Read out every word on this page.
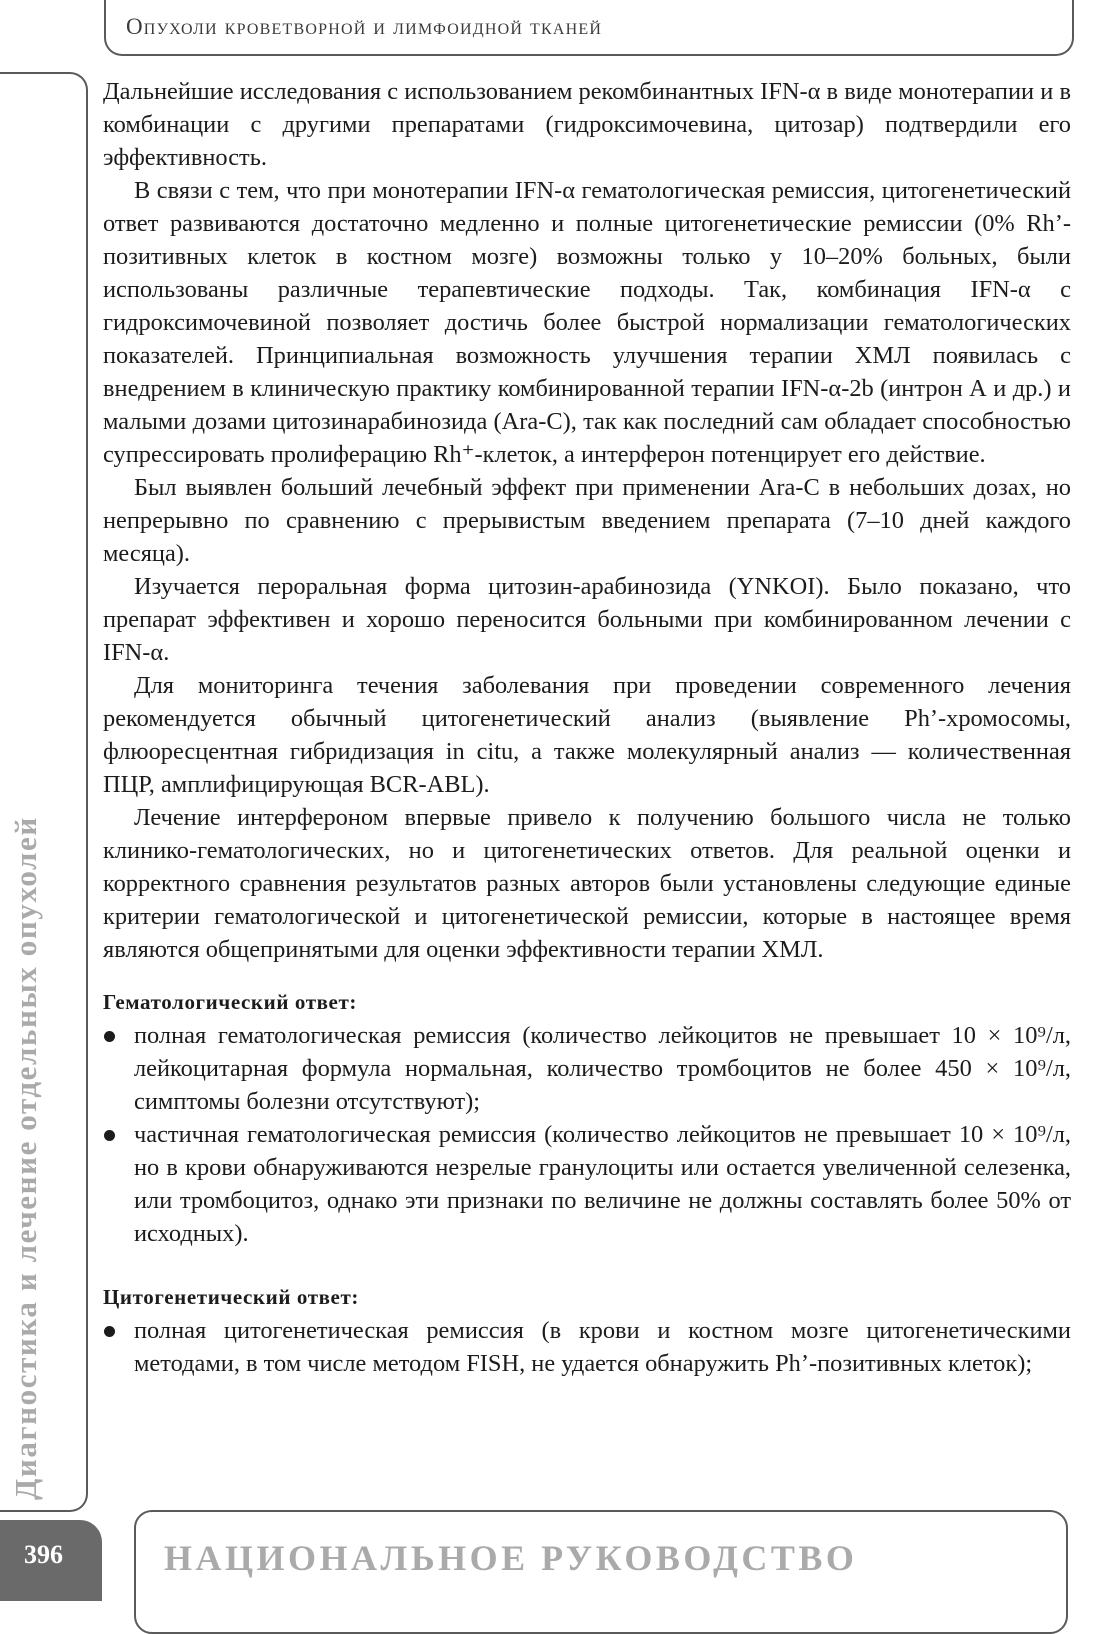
Опухоли кроветворной и лимфоидной тканей
Диагностика и лечение отдельных опухолей

Дальнейшие исследования с использованием рекомбинантных IFN-α в виде монотерапии и в комбинации с другими препаратами (гидроксимочевина, цитозар) подтвердили его эффективность.

В связи с тем, что при монотерапии IFN-α гематологическая ремиссия, цитогенетический ответ развиваются достаточно медленно и полные цитогенетические ремиссии (0% Rh’-позитивных клеток в костном мозге) возможны только у 10–20% больных, были использованы различные терапевтические подходы. Так, комбинация IFN-α с гидроксимочевиной позволяет достичь более быстрой нормализации гематологических показателей. Принципиальная возможность улучшения терапии ХМЛ появилась с внедрением в клиническую практику комбинированной терапии IFN-α-2b (интрон А и др.) и малыми дозами цитозинарабинозида (Ara-C), так как последний сам обладает способностью супрессировать пролиферацию Rh⁺-клеток, а интерферон потенцирует его действие.

Был выявлен больший лечебный эффект при применении Ara-C в небольших дозах, но непрерывно по сравнению с прерывистым введением препарата (7–10 дней каждого месяца).

Изучается пероральная форма цитозин-арабинозида (YNKOI). Было показано, что препарат эффективен и хорошо переносится больными при комбинированном лечении с IFN-α.

Для мониторинга течения заболевания при проведении современного лечения рекомендуется обычный цитогенетический анализ (выявление Ph’-хромосомы, флюоресцентная гибридизация in citu, а также молекулярный анализ — количественная ПЦР, амплифицирующая BCR-ABL).

Лечение интерфероном впервые привело к получению большого числа не только клинико-гематологических, но и цитогенетических ответов. Для реальной оценки и корректного сравнения результатов разных авторов были установлены следующие единые критерии гематологической и цитогенетической ремиссии, которые в настоящее время являются общепринятыми для оценки эффективности терапии ХМЛ.

Гематологический ответ:
полная гематологическая ремиссия (количество лейкоцитов не превышает 10 × 10⁹/л, лейкоцитарная формула нормальная, количество тромбоцитов не более 450 × 10⁹/л, симптомы болезни отсутствуют);
частичная гематологическая ремиссия (количество лейкоцитов не превышает 10 × 10⁹/л, но в крови обнаруживаются незрелые гранулоциты или остается увеличенной селезенка, или тромбоцитоз, однако эти признаки по величине не должны составлять более 50% от исходных).
Цитогенетический ответ:
полная цитогенетическая ремиссия (в крови и костном мозге цитогенетическими методами, в том числе методом FISH, не удается обнаружить Ph’-позитивных клеток);
396	НАЦИОНАЛЬНОЕ РУКОВОДСТВО
